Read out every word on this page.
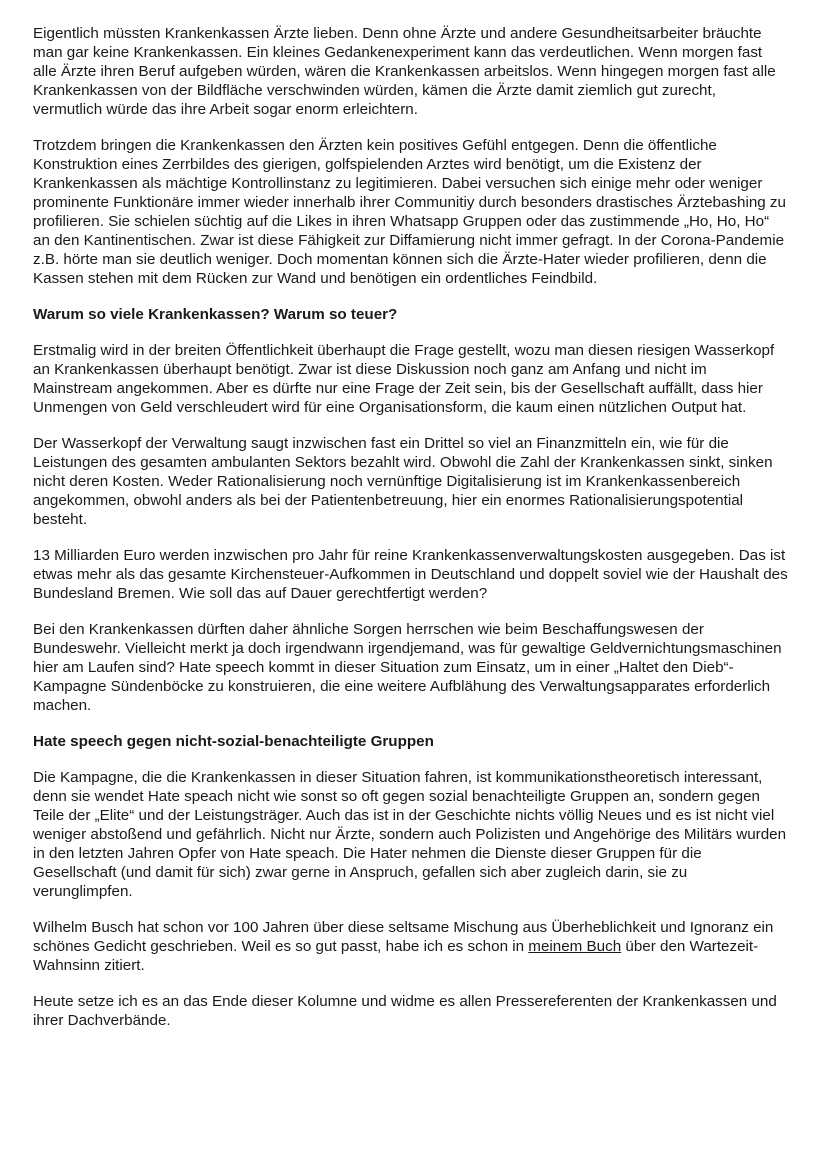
Eigentlich müssten Krankenkassen Ärzte lieben. Denn ohne Ärzte und andere Gesundheitsarbeiter bräuchte man gar keine Krankenkassen. Ein kleines Gedankenexperiment kann das verdeutlichen. Wenn morgen fast alle Ärzte ihren Beruf aufgeben würden, wären die Krankenkassen arbeitslos. Wenn hingegen morgen fast alle Krankenkassen von der Bildfläche verschwinden würden, kämen die Ärzte damit ziemlich gut zurecht, vermutlich würde das ihre Arbeit sogar enorm erleichtern.

Trotzdem bringen die Krankenkassen den Ärzten kein positives Gefühl entgegen. Denn die öffentliche Konstruktion eines Zerrbildes des gierigen, golfspielenden Arztes wird benötigt, um die Existenz der Krankenkassen als mächtige Kontrollinstanz zu legitimieren. Dabei versuchen sich einige mehr oder weniger prominente Funktionäre immer wieder innerhalb ihrer Communitiy durch besonders drastisches Ärztebashing zu profilieren. Sie schielen süchtig auf die Likes in ihren Whatsapp Gruppen oder das zustimmende „Ho, Ho, Ho“ an den Kantinentischen. Zwar ist diese Fähigkeit zur Diffamierung nicht immer gefragt. In der Corona-Pandemie z.B. hörte man sie deutlich weniger. Doch momentan können sich die Ärzte-Hater wieder profilieren, denn die Kassen stehen mit dem Rücken zur Wand und benötigen ein ordentliches Feindbild.

Warum so viele Krankenkassen? Warum so teuer?

Erstmalig wird in der breiten Öffentlichkeit überhaupt die Frage gestellt, wozu man diesen riesigen Wasserkopf an Krankenkassen überhaupt benötigt. Zwar ist diese Diskussion noch ganz am Anfang und nicht im Mainstream angekommen. Aber es dürfte nur eine Frage der Zeit sein, bis der Gesellschaft auffällt, dass hier Unmengen von Geld verschleudert wird für eine Organisationsform, die kaum einen nützlichen Output hat.

Der Wasserkopf der Verwaltung saugt inzwischen fast ein Drittel so viel an Finanzmitteln ein, wie für die Leistungen des gesamten ambulanten Sektors bezahlt wird. Obwohl die Zahl der Krankenkassen sinkt, sinken nicht deren Kosten. Weder Rationalisierung noch vernünftige Digitalisierung ist im Krankenkassenbereich angekommen, obwohl anders als bei der Patientenbetreuung, hier ein enormes Rationalisierungspotential besteht.

13 Milliarden Euro werden inzwischen pro Jahr für reine Krankenkassenverwaltungskosten ausgegeben. Das ist etwas mehr als das gesamte Kirchensteuer-Aufkommen in Deutschland und doppelt soviel wie der Haushalt des Bundesland Bremen. Wie soll das auf Dauer gerechtfertigt werden?

Bei den Krankenkassen dürften daher ähnliche Sorgen herrschen wie beim Beschaffungswesen der Bundeswehr. Vielleicht merkt ja doch irgendwann irgendjemand, was für gewaltige Geldvernichtungsmaschinen hier am Laufen sind? Hate speech kommt in dieser Situation zum Einsatz, um in einer „Haltet den Dieb“-Kampagne Sündenböcke zu konstruieren, die eine weitere Aufblähung des Verwaltungsapparates erforderlich machen.

Hate speech gegen nicht-sozial-benachteiligte Gruppen

Die Kampagne, die die Krankenkassen in dieser Situation fahren, ist kommunikationstheoretisch interessant, denn sie wendet Hate speach nicht wie sonst so oft gegen sozial benachteiligte Gruppen an, sondern gegen Teile der „Elite“ und der Leistungsträger. Auch das ist in der Geschichte nichts völlig Neues und es ist nicht viel weniger abstoßend und gefährlich. Nicht nur Ärzte, sondern auch Polizisten und Angehörige des Militärs wurden in den letzten Jahren Opfer von Hate speach. Die Hater nehmen die Dienste dieser Gruppen für die Gesellschaft (und damit für sich) zwar gerne in Anspruch, gefallen sich aber zugleich darin, sie zu verunglimpfen.

Wilhelm Busch hat schon vor 100 Jahren über diese seltsame Mischung aus Überheblichkeit und Ignoranz ein schönes Gedicht geschrieben. Weil es so gut passt, habe ich es schon in meinem Buch über den Wartezeit-Wahnsinn zitiert.

Heute setze ich es an das Ende dieser Kolumne und widme es allen Pressereferenten der Krankenkassen und ihrer Dachverbände.
